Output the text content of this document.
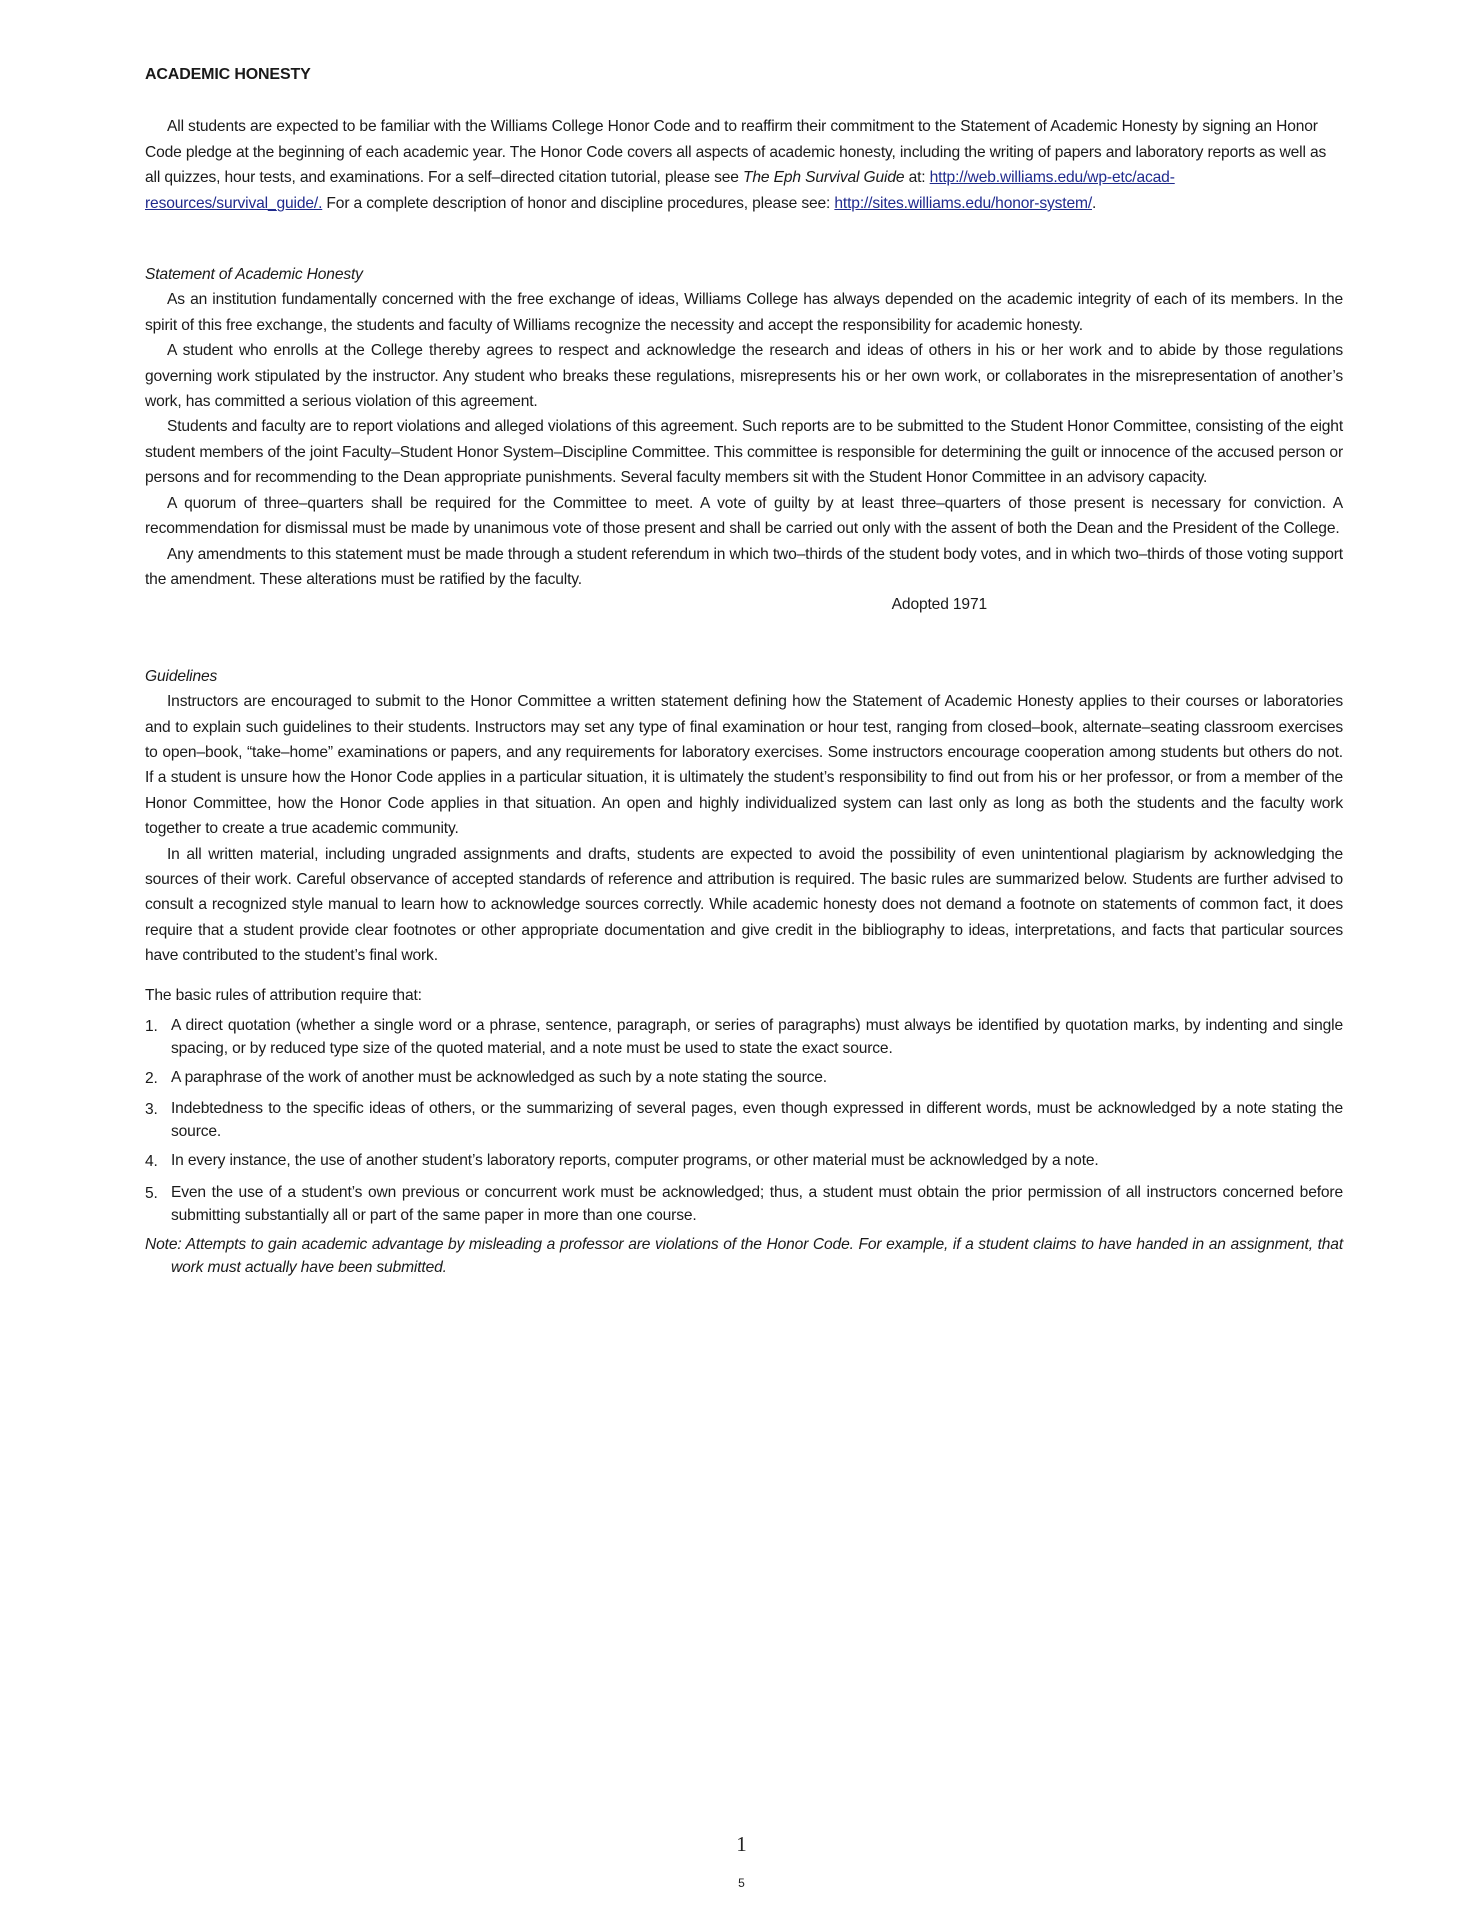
ACADEMIC HONESTY

All students are expected to be familiar with the Williams College Honor Code and to reaffirm their commitment to the Statement of Academic Honesty by signing an Honor Code pledge at the beginning of each academic year. The Honor Code covers all aspects of academic honesty, including the writing of papers and laboratory reports as well as all quizzes, hour tests, and examinations. For a self–directed citation tutorial, please see The Eph Survival Guide at: http://web.williams.edu/wp-etc/acad-resources/survival_guide/. For a complete description of honor and discipline procedures, please see: http://sites.williams.edu/honor-system/.

Statement of Academic Honesty

As an institution fundamentally concerned with the free exchange of ideas, Williams College has always depended on the academic integrity of each of its members. In the spirit of this free exchange, the students and faculty of Williams recognize the necessity and accept the responsibility for academic honesty.

A student who enrolls at the College thereby agrees to respect and acknowledge the research and ideas of others in his or her work and to abide by those regulations governing work stipulated by the instructor. Any student who breaks these regulations, misrepresents his or her own work, or collaborates in the misrepresentation of another’s work, has committed a serious violation of this agreement.

Students and faculty are to report violations and alleged violations of this agreement. Such reports are to be submitted to the Student Honor Committee, consisting of the eight student members of the joint Faculty–Student Honor System–Discipline Committee. This committee is responsible for determining the guilt or innocence of the accused person or persons and for recommending to the Dean appropriate punishments. Several faculty members sit with the Student Honor Committee in an advisory capacity.

A quorum of three–quarters shall be required for the Committee to meet. A vote of guilty by at least three–quarters of those present is necessary for conviction. A recommendation for dismissal must be made by unanimous vote of those present and shall be carried out only with the assent of both the Dean and the President of the College.

Any amendments to this statement must be made through a student referendum in which two–thirds of the student body votes, and in which two–thirds of those voting support the amendment. These alterations must be ratified by the faculty.

Adopted 1971

Guidelines

Instructors are encouraged to submit to the Honor Committee a written statement defining how the Statement of Academic Honesty applies to their courses or laboratories and to explain such guidelines to their students. Instructors may set any type of final examination or hour test, ranging from closed–book, alternate–seating classroom exercises to open–book, “take–home” examinations or papers, and any requirements for laboratory exercises. Some instructors encourage cooperation among students but others do not. If a student is unsure how the Honor Code applies in a particular situation, it is ultimately the student’s responsibility to find out from his or her professor, or from a member of the Honor Committee, how the Honor Code applies in that situation. An open and highly individualized system can last only as long as both the students and the faculty work together to create a true academic community.

In all written material, including ungraded assignments and drafts, students are expected to avoid the possibility of even unintentional plagiarism by acknowledging the sources of their work. Careful observance of accepted standards of reference and attribution is required. The basic rules are summarized below. Students are further advised to consult a recognized style manual to learn how to acknowledge sources correctly. While academic honesty does not demand a footnote on statements of common fact, it does require that a student provide clear footnotes or other appropriate documentation and give credit in the bibliography to ideas, interpretations, and facts that particular sources have contributed to the student’s final work.

The basic rules of attribution require that:

1. A direct quotation (whether a single word or a phrase, sentence, paragraph, or series of paragraphs) must always be identified by quotation marks, by indenting and single spacing, or by reduced type size of the quoted material, and a note must be used to state the exact source.
2. A paraphrase of the work of another must be acknowledged as such by a note stating the source.
3. Indebtedness to the specific ideas of others, or the summarizing of several pages, even though expressed in different words, must be acknowledged by a note stating the source.
4. In every instance, the use of another student’s laboratory reports, computer programs, or other material must be acknowledged by a note.
5. Even the use of a student’s own previous or concurrent work must be acknowledged; thus, a student must obtain the prior permission of all instructors concerned before submitting substantially all or part of the same paper in more than one course.

Note: Attempts to gain academic advantage by misleading a professor are violations of the Honor Code. For example, if a student claims to have handed in an assignment, that work must actually have been submitted.

1
5
